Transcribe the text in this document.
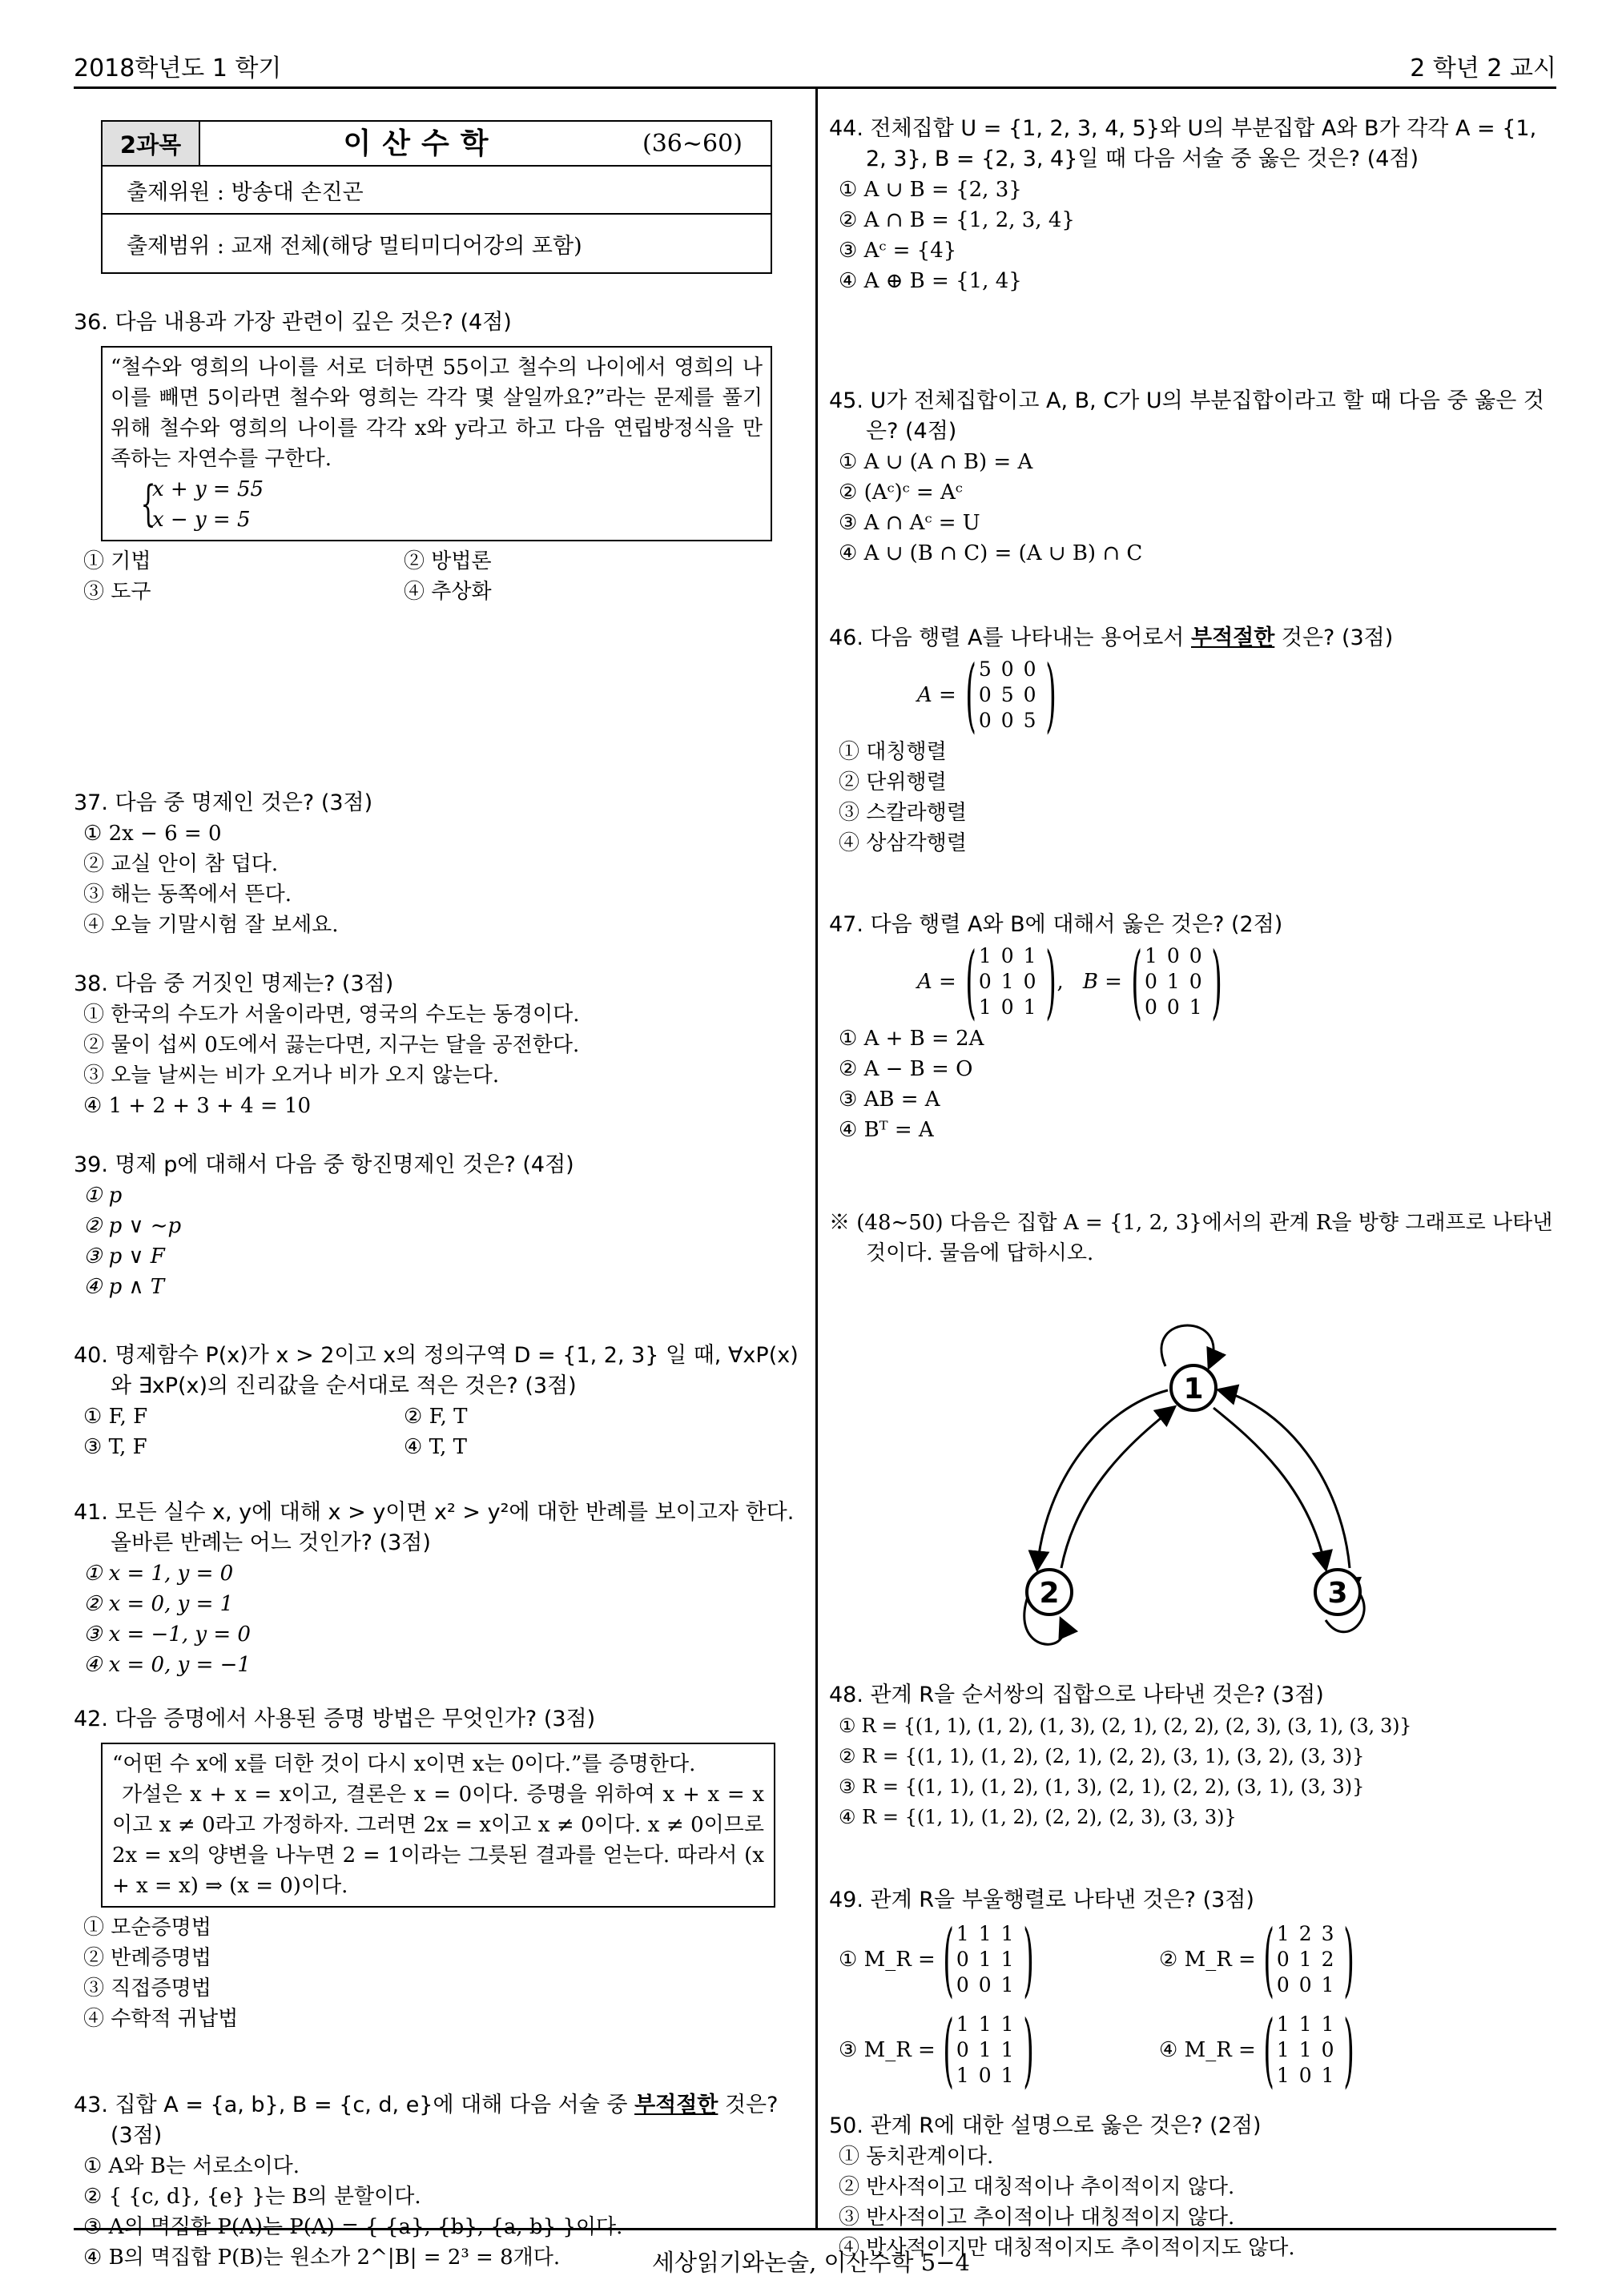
2018학년도 1 학기	2 학년 2 교시
세상읽기와논술, 이산수학 5−4
2과목	이산수학	(36∼60)
출제위원 : 방송대 손진곤
출제범위 : 교재 전체(해당 멀티미디어강의 포함)
36. 다음 내용과 가장 관련이 깊은 것은? (4점)
“철수와 영희의 나이를 서로 더하면 55이고 철수의 나이에서 영희의 나이를 빼면 5이라면 철수와 영희는 각각 몇 살일까요?”라는 문제를 풀기 위해 철수와 영희의 나이를 각각 x와 y라고 하고 다음 연립방정식을 만족하는 자연수를 구한다.
{
x + y = 55
x − y = 5
① 기법	② 방법론
③ 도구	④ 추상화
37. 다음 중 명제인 것은? (3점)
① 2x − 6 = 0
② 교실 안이 참 덥다.
③ 해는 동쪽에서 뜬다.
④ 오늘 기말시험 잘 보세요.
38. 다음 중 거짓인 명제는? (3점)
① 한국의 수도가 서울이라면, 영국의 수도는 동경이다.
② 물이 섭씨 0도에서 끓는다면, 지구는 달을 공전한다.
③ 오늘 날씨는 비가 오거나 비가 오지 않는다.
④ 1 + 2 + 3 + 4 = 10
39. 명제 p에 대해서 다음 중 항진명제인 것은? (4점)
① p
② p ∨ ∼p
③ p ∨ F
④ p ∧ T
40. 명제함수 P(x)가 x > 2이고 x의 정의구역 D = {1, 2, 3} 일 때, ∀xP(x)와 ∃xP(x)의 진리값을 순서대로 적은 것은? (3점)
① F, F	② F, T
③ T, F	④ T, T
41. 모든 실수 x, y에 대해 x > y이면 x² > y²에 대한 반례를 보이고자 한다. 올바른 반례는 어느 것인가? (3점)
① x = 1, y = 0
② x = 0, y = 1
③ x = −1, y = 0
④ x = 0, y = −1
42. 다음 증명에서 사용된 증명 방법은 무엇인가? (3점)
“어떤 수 x에 x를 더한 것이 다시 x이면 x는 0이다.”를 증명한다.
가설은 x + x = x이고, 결론은 x = 0이다. 증명을 위하여 x + x = x이고 x ≠ 0라고 가정하자. 그러면 2x = x이고 x ≠ 0이다. x ≠ 0이므로 2x = x의 양변을 나누면 2 = 1이라는 그릇된 결과를 얻는다. 따라서 (x + x = x) ⇒ (x = 0)이다.
① 모순증명법
② 반례증명법
③ 직접증명법
④ 수학적 귀납법
43. 집합 A = {a, b}, B = {c, d, e}에 대해 다음 서술 중 부적절한 것은? (3점)
① A와 B는 서로소이다.
② { {c, d}, {e} }는 B의 분할이다.
③ A의 멱집합 P(A)는 P(A) = { {a}, {b}, {a, b} }이다.
④ B의 멱집합 P(B)는 원소가 2^|B| = 2³ = 8개다.
44. 전체집합 U = {1, 2, 3, 4, 5}와 U의 부분집합 A와 B가 각각 A = {1, 2, 3}, B = {2, 3, 4}일 때 다음 서술 중 옳은 것은? (4점)
① A ∪ B = {2, 3}
② A ∩ B = {1, 2, 3, 4}
③ Aᶜ = {4}
④ A ⊕ B = {1, 4}
45. U가 전체집합이고 A, B, C가 U의 부분집합이라고 할 때 다음 중 옳은 것은? (4점)
① A ∪ (A ∩ B) = A
② (Aᶜ)ᶜ = Aᶜ
③ A ∩ Aᶜ = U
④ A ∪ (B ∩ C) = (A ∪ B) ∩ C
46. 다음 행렬 A를 나타내는 용어로서 부적절한 것은? (3점)
A = ( 5	0	0
0	5	0
0	0	5 )
① 대칭행렬
② 단위행렬
③ 스칼라행렬
④ 상삼각행렬
47. 다음 행렬 A와 B에 대해서 옳은 것은? (2점)
A = ( 1	0	1
0	1	0
1	0	1 ) , B = ( 1	0	0
0	1	0
0	0	1 )
① A + B = 2A
② A − B = O
③ AB = A
④ Bᵀ = A
※ (48∼50) 다음은 집합 A = {1, 2, 3}에서의 관계 R을 방향 그래프로 나타낸 것이다. 물음에 답하시오.
1
2	3
48. 관계 R을 순서쌍의 집합으로 나타낸 것은? (3점)
① R = {(1, 1), (1, 2), (1, 3), (2, 1), (2, 2), (2, 3), (3, 1), (3, 3)}
② R = {(1, 1), (1, 2), (2, 1), (2, 2), (3, 1), (3, 2), (3, 3)}
③ R = {(1, 1), (1, 2), (1, 3), (2, 1), (2, 2), (3, 1), (3, 3)}
④ R = {(1, 1), (1, 2), (2, 2), (2, 3), (3, 3)}
49. 관계 R을 부울행렬로 나타낸 것은? (3점)
① M_R = ( 1	1	1
0	1	1
0	0	1 )	② M_R = ( 1	2	3
0	1	2
0	0	1 )
③ M_R = ( 1	1	1
0	1	1
1	0	1 )	④ M_R = ( 1	1	1
1	1	0
1	0	1 )
50. 관계 R에 대한 설명으로 옳은 것은? (2점)
① 동치관계이다.
② 반사적이고 대칭적이나 추이적이지 않다.
③ 반사적이고 추이적이나 대칭적이지 않다.
④ 반사적이지만 대칭적이지도 추이적이지도 않다.
